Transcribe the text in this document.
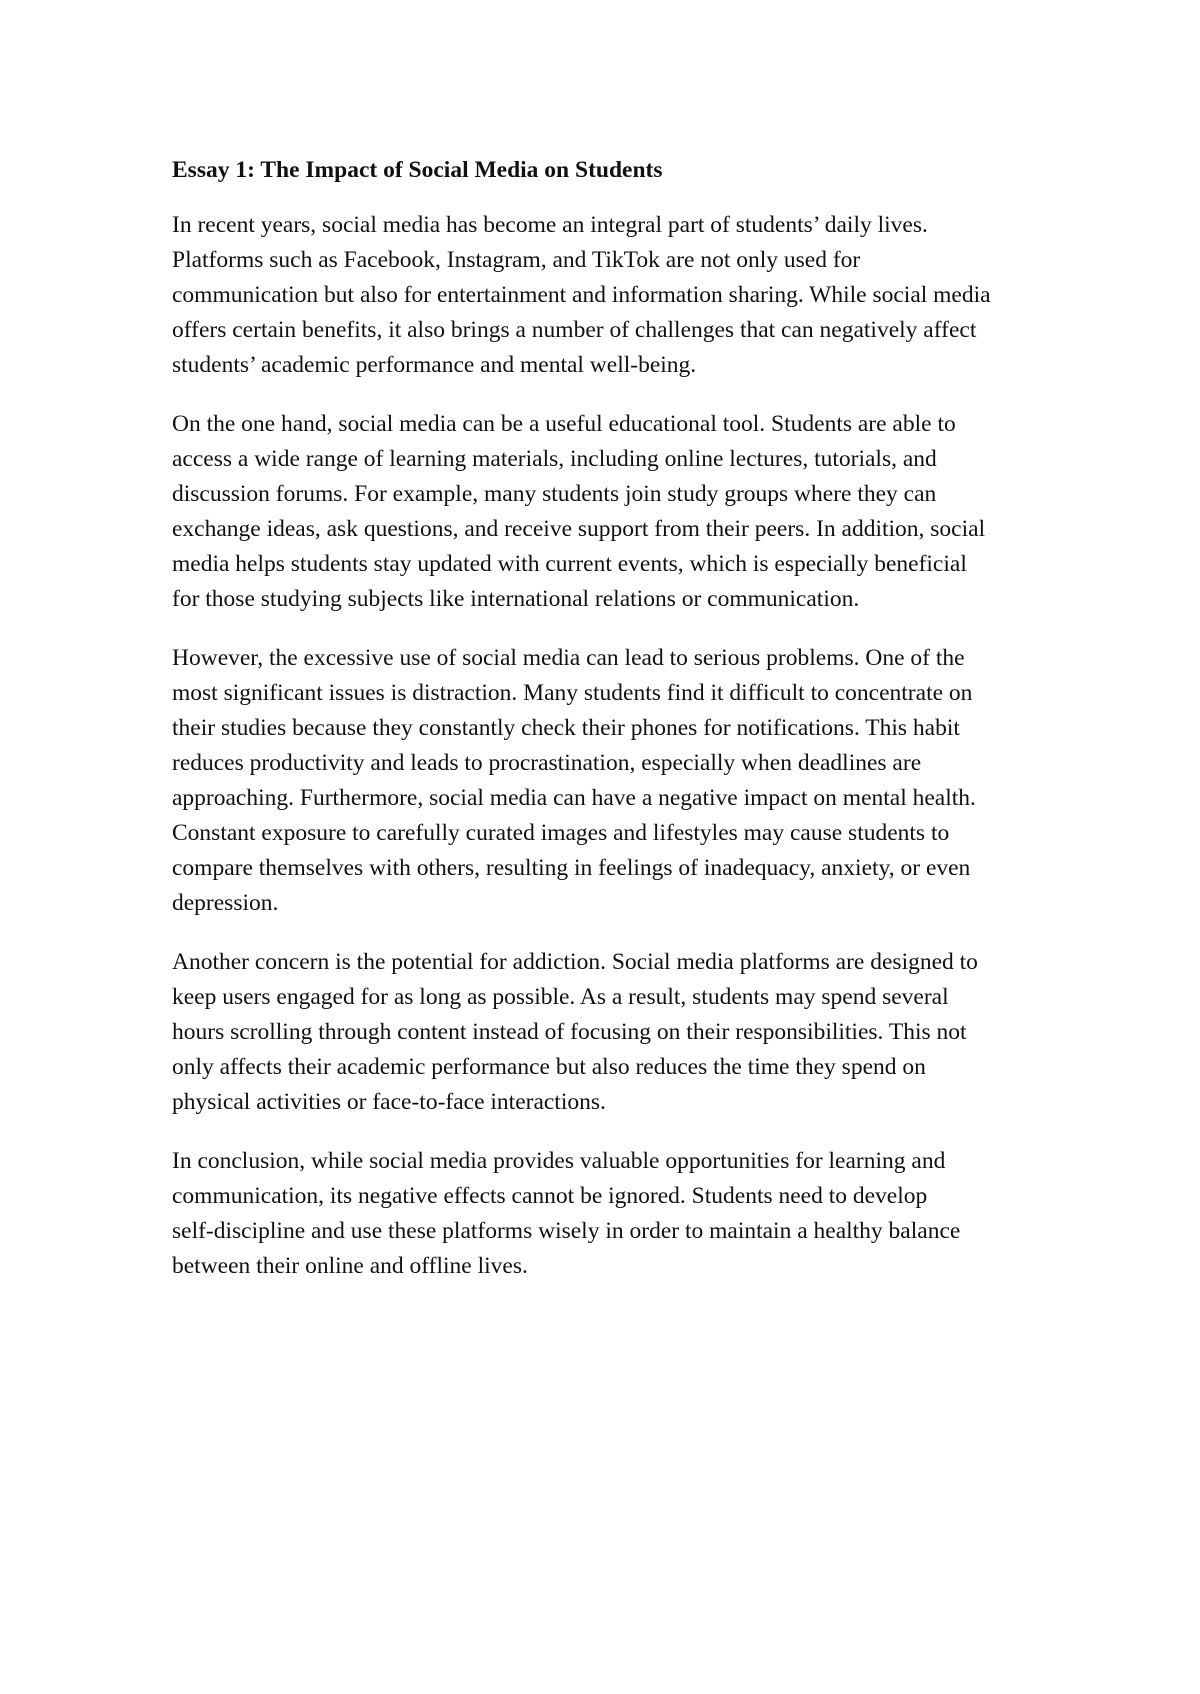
Essay 1: The Impact of Social Media on Students
In recent years, social media has become an integral part of students’ daily lives.
Platforms such as Facebook, Instagram, and TikTok are not only used for
communication but also for entertainment and information sharing. While social media
offers certain benefits, it also brings a number of challenges that can negatively affect
students’ academic performance and mental well-being.
On the one hand, social media can be a useful educational tool. Students are able to
access a wide range of learning materials, including online lectures, tutorials, and
discussion forums. For example, many students join study groups where they can
exchange ideas, ask questions, and receive support from their peers. In addition, social
media helps students stay updated with current events, which is especially beneficial
for those studying subjects like international relations or communication.
However, the excessive use of social media can lead to serious problems. One of the
most significant issues is distraction. Many students find it difficult to concentrate on
their studies because they constantly check their phones for notifications. This habit
reduces productivity and leads to procrastination, especially when deadlines are
approaching. Furthermore, social media can have a negative impact on mental health.
Constant exposure to carefully curated images and lifestyles may cause students to
compare themselves with others, resulting in feelings of inadequacy, anxiety, or even
depression.
Another concern is the potential for addiction. Social media platforms are designed to
keep users engaged for as long as possible. As a result, students may spend several
hours scrolling through content instead of focusing on their responsibilities. This not
only affects their academic performance but also reduces the time they spend on
physical activities or face-to-face interactions.
In conclusion, while social media provides valuable opportunities for learning and
communication, its negative effects cannot be ignored. Students need to develop
self-discipline and use these platforms wisely in order to maintain a healthy balance
between their online and offline lives.
